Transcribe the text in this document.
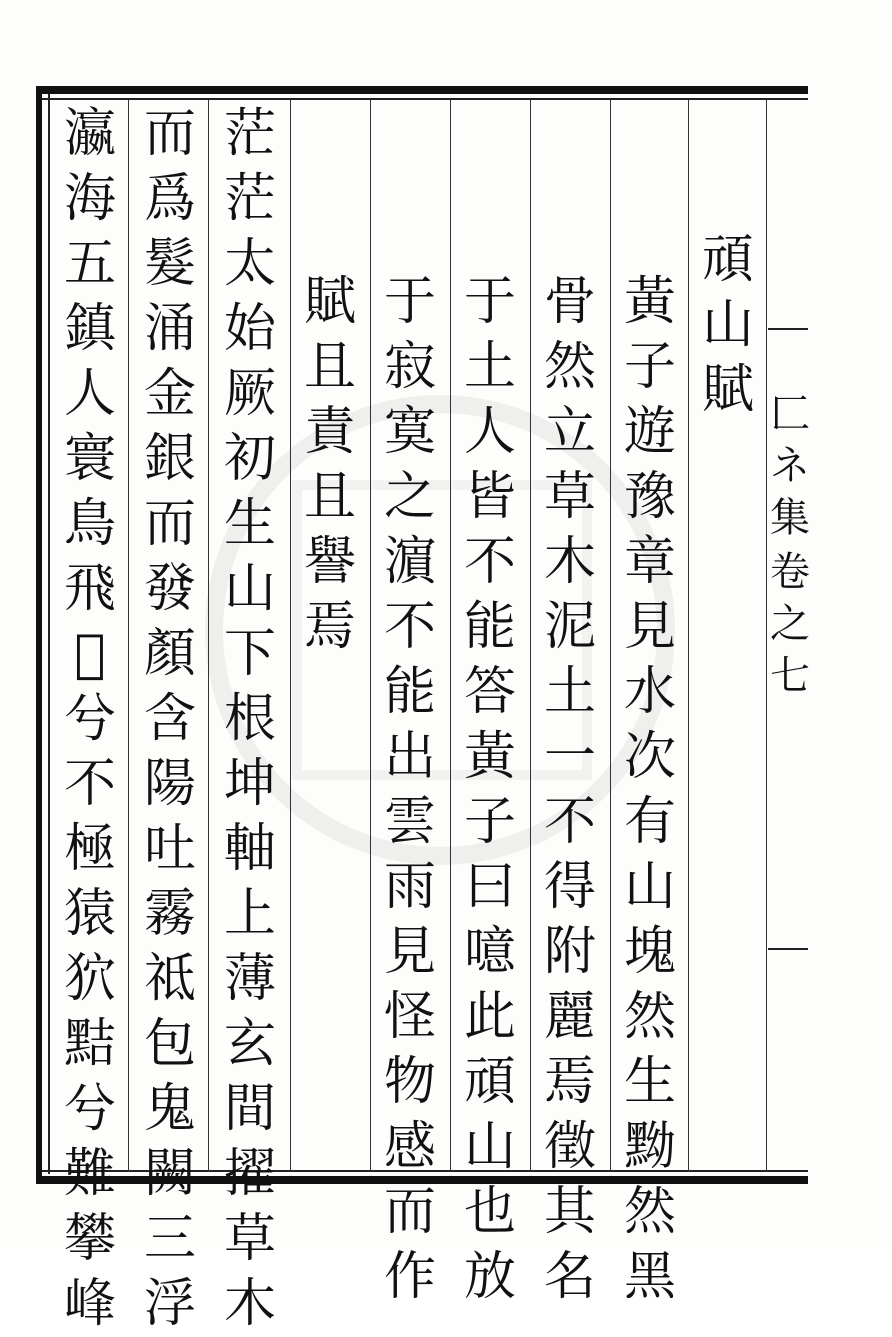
頑山賦
黃子遊豫章見水次有山塊然生黝然黑
骨然立草木泥土一不得附麗焉徵其名
于土人皆不能答黃子曰噫此頑山也放
于寂寞之濵不能出雲雨見怪物感而作
賦且責且譽焉
茫茫太始厥初生山下根坤軸上薄玄間擢草木
而爲髮涌金銀而發顏含陽吐霧祗包鬼闕三浮
瀛海五鎮人寰鳥飛𪅊兮不極猿狖黠兮難攀峰
匚
ネ
集
卷之七
